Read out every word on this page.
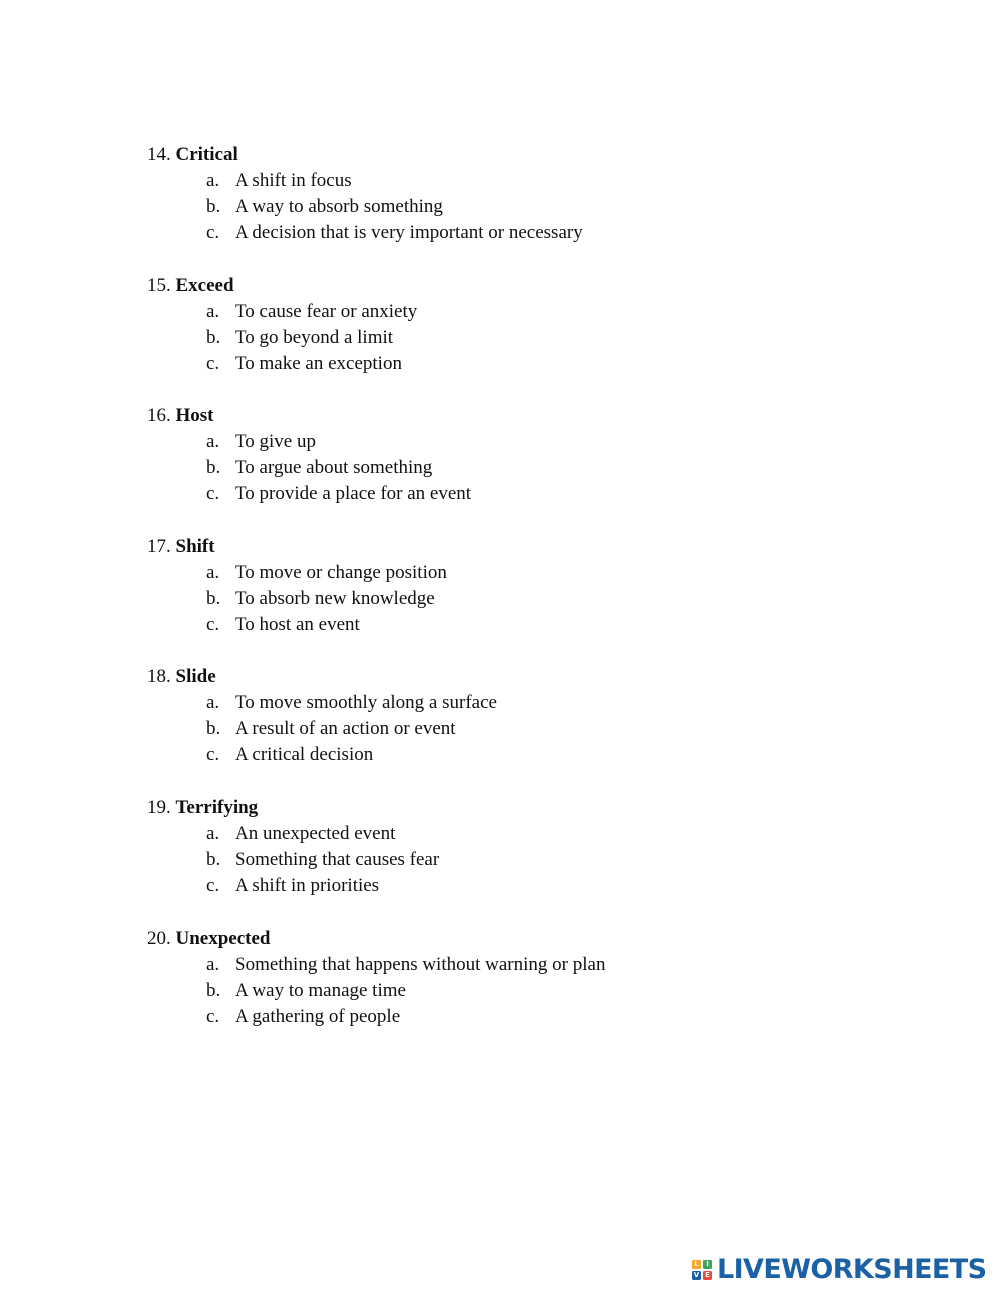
14. Critical
a. A shift in focus
b. A way to absorb something
c. A decision that is very important or necessary
15. Exceed
a. To cause fear or anxiety
b. To go beyond a limit
c. To make an exception
16. Host
a. To give up
b. To argue about something
c. To provide a place for an event
17. Shift
a. To move or change position
b. To absorb new knowledge
c. To host an event
18. Slide
a. To move smoothly along a surface
b. A result of an action or event
c. A critical decision
19. Terrifying
a. An unexpected event
b. Something that causes fear
c. A shift in priorities
20. Unexpected
a. Something that happens without warning or plan
b. A way to manage time
c. A gathering of people
L	I
V E LIVEWORKSHEETS
